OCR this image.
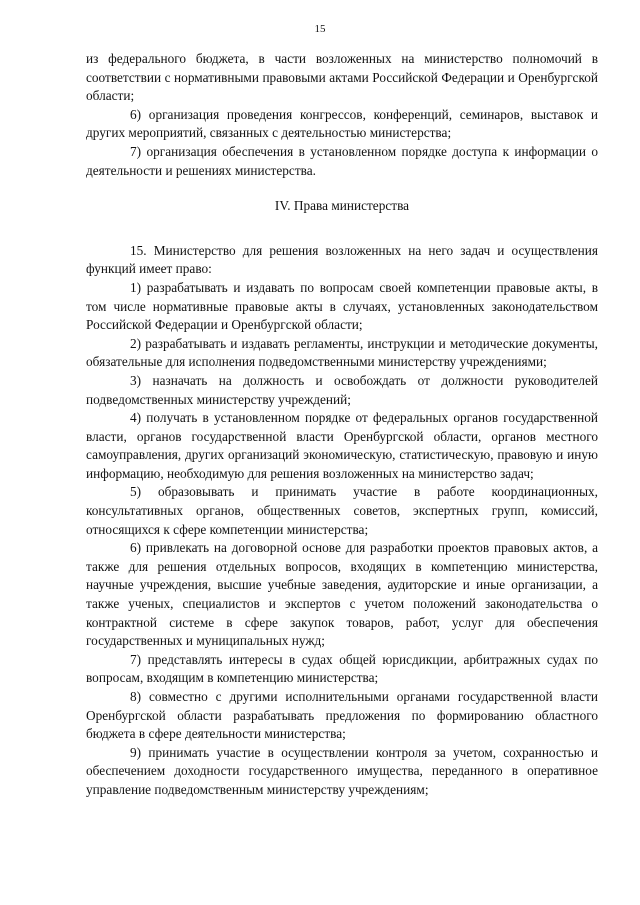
15

из федерального бюджета, в части возложенных на министерство полномочий в соответствии с нормативными правовыми актами Российской Федерации и Оренбургской области;

6) организация проведения конгрессов, конференций, семинаров, выставок и других мероприятий, связанных с деятельностью министерства;

7) организация обеспечения в установленном порядке доступа к информации о деятельности и решениях министерства.

IV. Права министерства

15. Министерство для решения возложенных на него задач и осуществления функций имеет право:

1) разрабатывать и издавать по вопросам своей компетенции правовые акты, в том числе нормативные правовые акты в случаях, установленных законодательством Российской Федерации и Оренбургской области;

2) разрабатывать и издавать регламенты, инструкции и методические документы, обязательные для исполнения подведомственными министерству учреждениями;

3) назначать на должность и освобождать от должности руководителей подведомственных министерству учреждений;

4) получать в установленном порядке от федеральных органов государственной власти, органов государственной власти Оренбургской области, органов местного самоуправления, других организаций экономическую, статистическую, правовую и иную информацию, необходимую для решения возложенных на министерство задач;

5) образовывать и принимать участие в работе координационных, консультативных органов, общественных советов, экспертных групп, комиссий, относящихся к сфере компетенции министерства;

6) привлекать на договорной основе для разработки проектов правовых актов, а также для решения отдельных вопросов, входящих в компетенцию министерства, научные учреждения, высшие учебные заведения, аудиторские и иные организации, а также ученых, специалистов и экспертов с учетом положений законодательства о контрактной системе в сфере закупок товаров, работ, услуг для обеспечения государственных и муниципальных нужд;

7) представлять интересы в судах общей юрисдикции, арбитражных судах по вопросам, входящим в компетенцию министерства;

8) совместно с другими исполнительными органами государственной власти Оренбургской области разрабатывать предложения по формированию областного бюджета в сфере деятельности министерства;

9) принимать участие в осуществлении контроля за учетом, сохранностью и обеспечением доходности государственного имущества, переданного в оперативное управление подведомственным министерству учреждениям;
